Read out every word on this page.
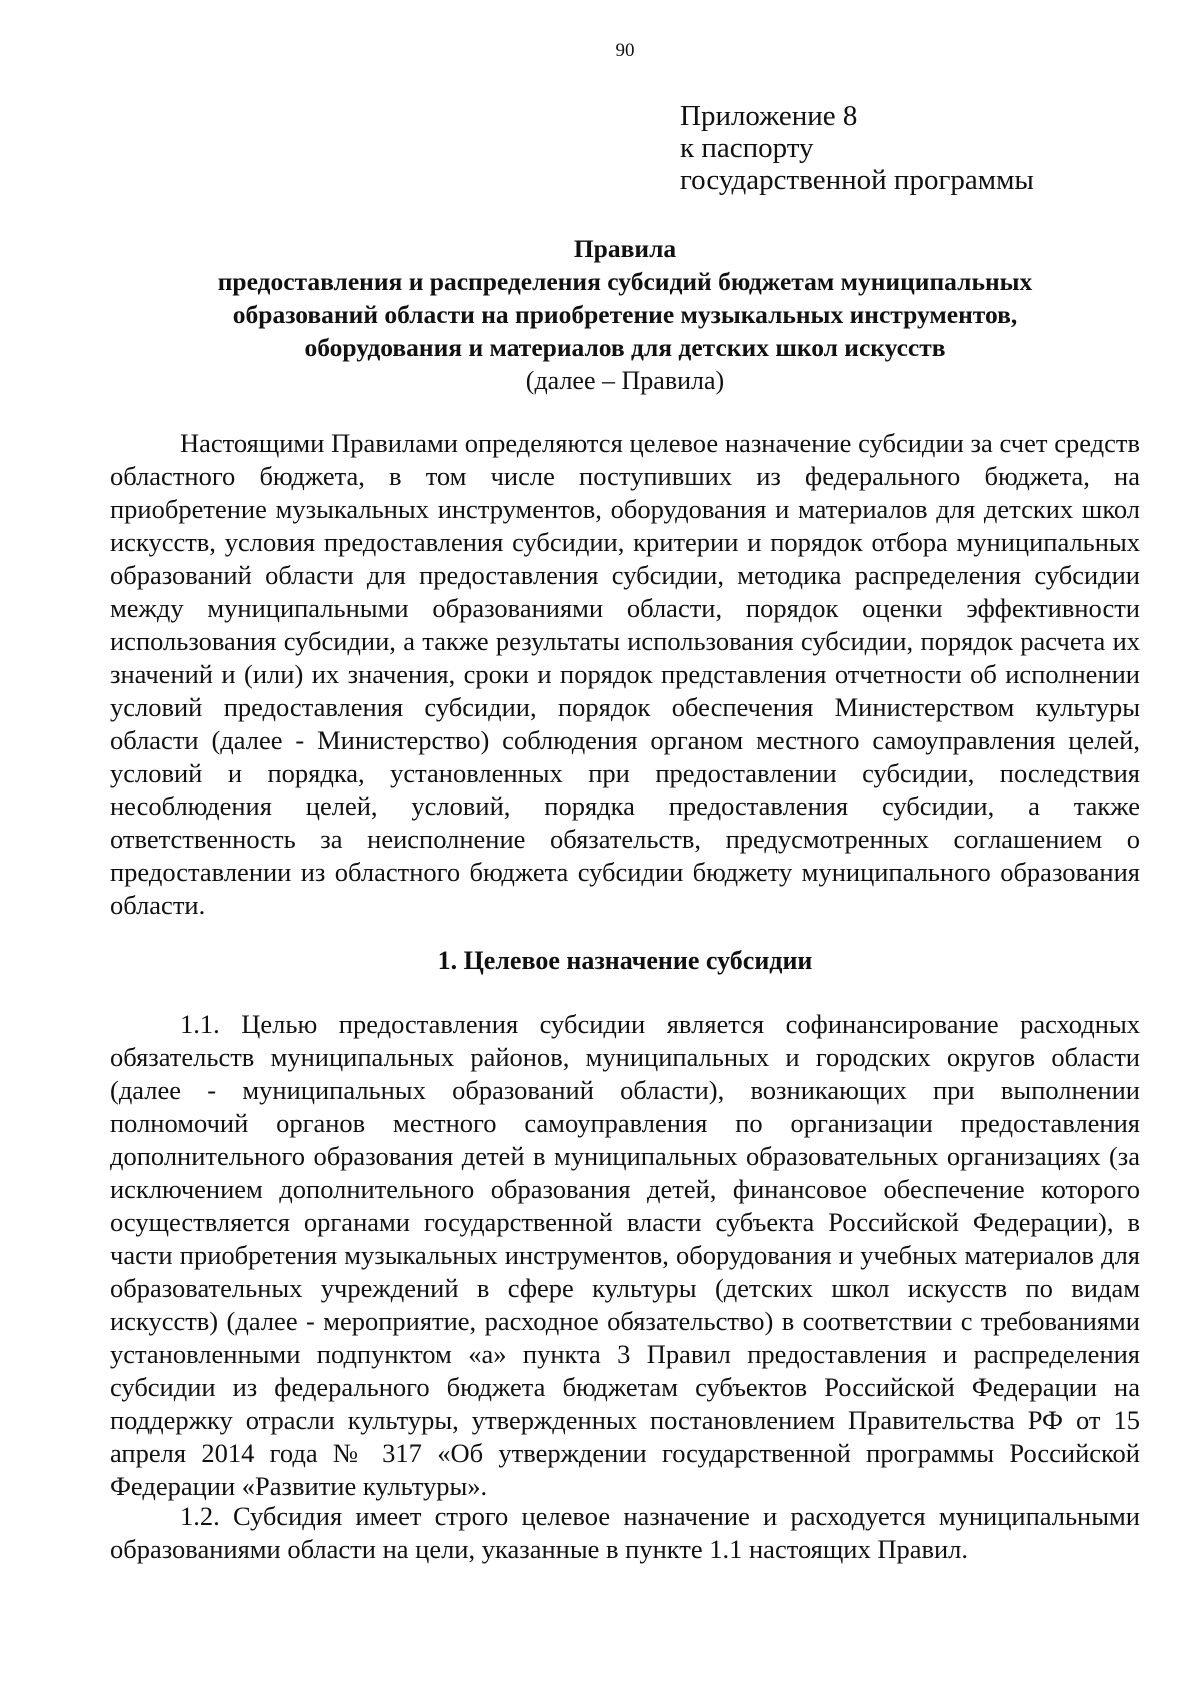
90
Приложение 8
к паспорту
государственной программы
Правила
предоставления и распределения субсидий бюджетам муниципальных
образований области на приобретение музыкальных инструментов,
оборудования и материалов для детских школ искусств
(далее – Правила)

Настоящими Правилами определяются целевое назначение субсидии за счет средств областного бюджета, в том числе поступивших из федерального бюджета, на приобретение музыкальных инструментов, оборудования и материалов для детских школ искусств, условия предоставления субсидии, критерии и порядок отбора муниципальных образований области для предоставления субсидии, методика распределения субсидии между муниципальными образованиями области, порядок оценки эффективности использования субсидии, а также результаты использования субсидии, порядок расчета их значений и (или) их значения, сроки и порядок представления отчетности об исполнении условий предоставления субсидии, порядок обеспечения Министерством культуры области (далее - Министерство) соблюдения органом местного самоуправления целей, условий и порядка, установленных при предоставлении субсидии, последствия несоблюдения целей, условий, порядка предоставления субсидии, а также ответственность за неисполнение обязательств, предусмотренных соглашением о предоставлении из областного бюджета субсидии бюджету муниципального образования области.

1. Целевое назначение субсидии

1.1. Целью предоставления субсидии является софинансирование расходных обязательств муниципальных районов, муниципальных и городских округов области (далее - муниципальных образований области), возникающих при выполнении полномочий органов местного самоуправления по организации предоставления дополнительного образования детей в муниципальных образовательных организациях (за исключением дополнительного образования детей, финансовое обеспечение которого осуществляется органами государственной власти субъекта Российской Федерации), в части приобретения музыкальных инструментов, оборудования и учебных материалов для образовательных учреждений в сфере культуры (детских школ искусств по видам искусств) (далее - мероприятие, расходное обязательство) в соответствии с требованиями установленными подпунктом «а» пункта 3 Правил предоставления и распределения субсидии из федерального бюджета бюджетам субъектов Российской Федерации на поддержку отрасли культуры, утвержденных постановлением Правительства РФ от 15 апреля 2014 года № 317 «Об утверждении государственной программы Российской Федерации «Развитие культуры».

1.2. Субсидия имеет строго целевое назначение и расходуется муниципальными образованиями области на цели, указанные в пункте 1.1 настоящих Правил.
